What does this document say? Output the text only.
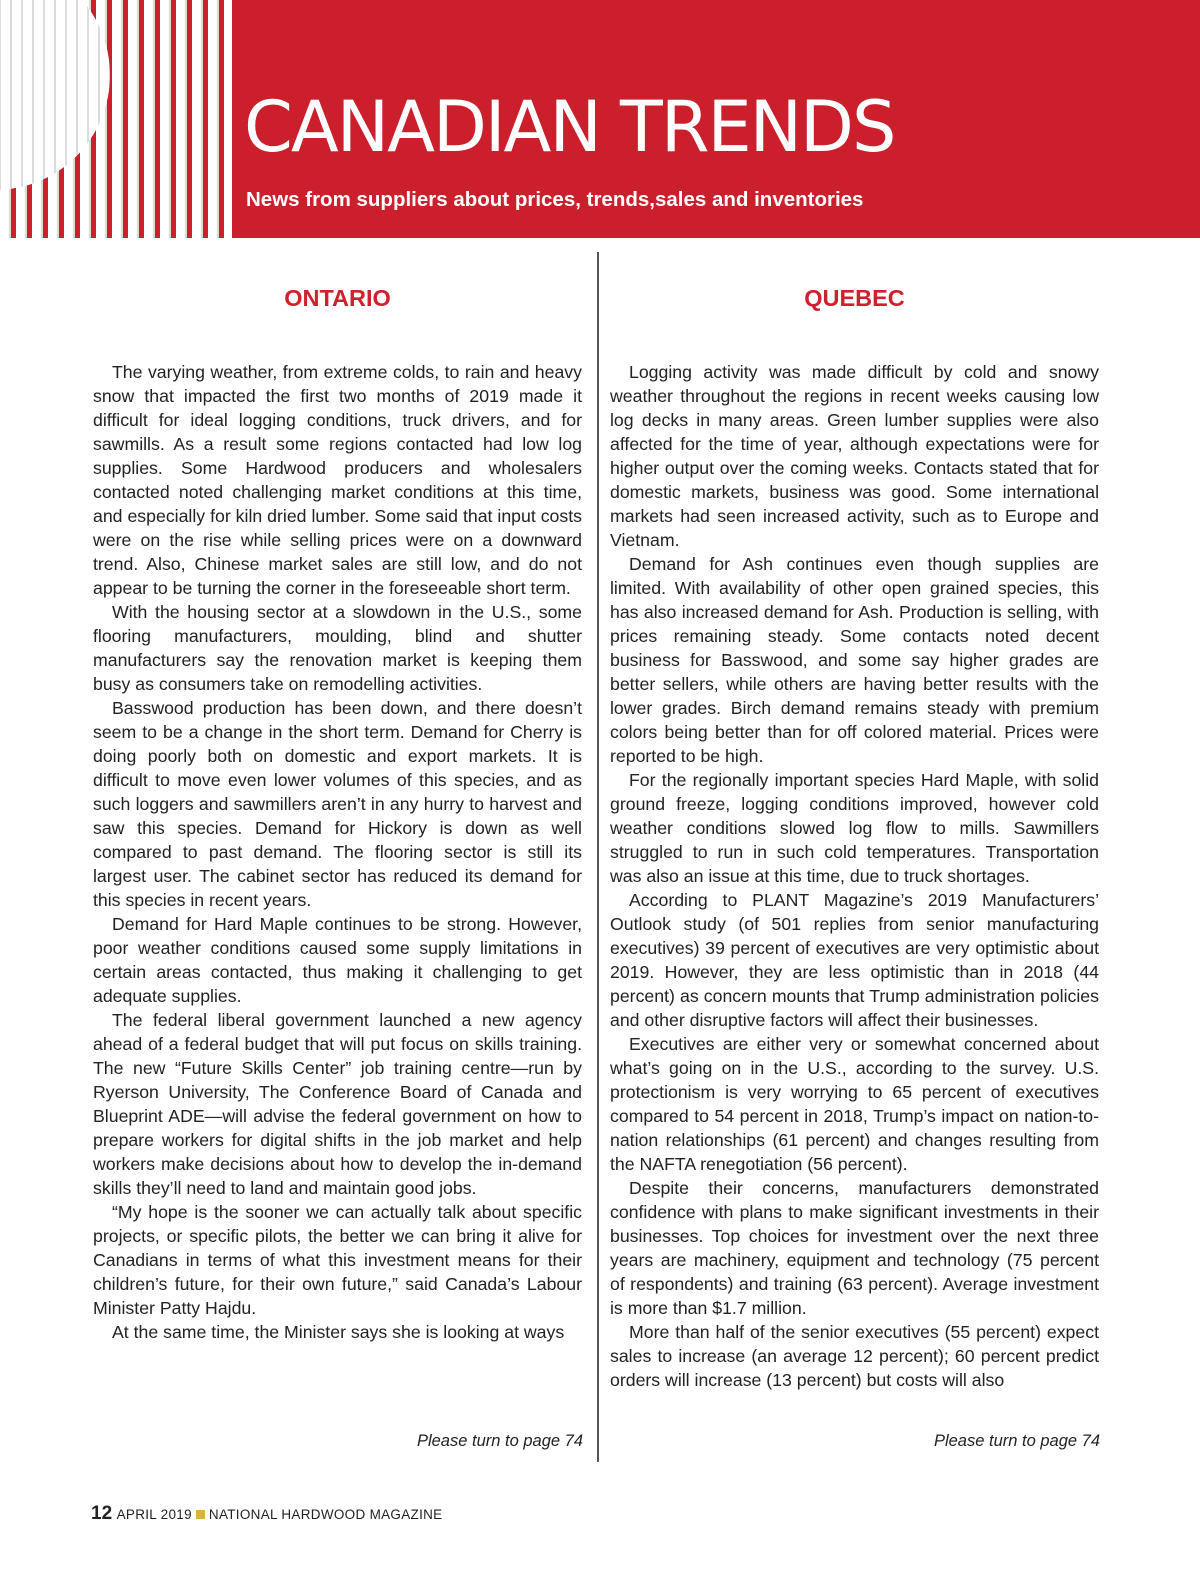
CANADIAN TRENDS
News from suppliers about prices, trends,sales and inventories
ONTARIO

The varying weather, from extreme colds, to rain and heavy snow that impacted the first two months of 2019 made it difficult for ideal logging conditions, truck drivers, and for sawmills. As a result some regions contacted had low log supplies. Some Hardwood producers and wholesalers contacted noted challenging market conditions at this time, and especially for kiln dried lumber. Some said that input costs were on the rise while selling prices were on a downward trend. Also, Chinese market sales are still low, and do not appear to be turning the corner in the foreseeable short term.

With the housing sector at a slowdown in the U.S., some flooring manufacturers, moulding, blind and shutter manufacturers say the renovation market is keeping them busy as consumers take on remodelling activities.

Basswood production has been down, and there doesn’t seem to be a change in the short term. Demand for Cherry is doing poorly both on domestic and export markets. It is difficult to move even lower volumes of this species, and as such loggers and sawmillers aren’t in any hurry to harvest and saw this species. Demand for Hickory is down as well compared to past demand. The flooring sector is still its largest user. The cabinet sector has reduced its demand for this species in recent years.

Demand for Hard Maple continues to be strong. However, poor weather conditions caused some supply limitations in certain areas contacted, thus making it challenging to get adequate supplies.

The federal liberal government launched a new agency ahead of a federal budget that will put focus on skills training. The new “Future Skills Center” job training centre—run by Ryerson University, The Conference Board of Canada and Blueprint ADE—will advise the federal government on how to prepare workers for digital shifts in the job market and help workers make decisions about how to develop the in-demand skills they’ll need to land and maintain good jobs.

“My hope is the sooner we can actually talk about specific projects, or specific pilots, the better we can bring it alive for Canadians in terms of what this investment means for their children’s future, for their own future,” said Canada’s Labour Minister Patty Hajdu.

At the same time, the Minister says she is looking at ways

QUEBEC

Logging activity was made difficult by cold and snowy weather throughout the regions in recent weeks causing low log decks in many areas. Green lumber supplies were also affected for the time of year, although expectations were for higher output over the coming weeks. Contacts stated that for domestic markets, business was good. Some international markets had seen increased activity, such as to Europe and Vietnam.

Demand for Ash continues even though supplies are limited. With availability of other open grained species, this has also increased demand for Ash. Production is selling, with prices remaining steady. Some contacts noted decent business for Basswood, and some say higher grades are better sellers, while others are having better results with the lower grades. Birch demand remains steady with premium colors being better than for off colored material. Prices were reported to be high.

For the regionally important species Hard Maple, with solid ground freeze, logging conditions improved, however cold weather conditions slowed log flow to mills. Sawmillers struggled to run in such cold temperatures. Transportation was also an issue at this time, due to truck shortages.

According to PLANT Magazine’s 2019 Manufacturers’ Outlook study (of 501 replies from senior manufacturing executives) 39 percent of executives are very optimistic about 2019. However, they are less optimistic than in 2018 (44 percent) as concern mounts that Trump administration policies and other disruptive factors will affect their businesses.

Executives are either very or somewhat concerned about what’s going on in the U.S., according to the survey. U.S. protectionism is very worrying to 65 percent of executives compared to 54 percent in 2018, Trump’s impact on nation-to-nation relationships (61 percent) and changes resulting from the NAFTA renegotiation (56 percent).

Despite their concerns, manufacturers demonstrated confidence with plans to make significant investments in their businesses. Top choices for investment over the next three years are machinery, equipment and technology (75 percent of respondents) and training (63 percent). Average investment is more than $1.7 million.

More than half of the senior executives (55 percent) expect sales to increase (an average 12 percent); 60 percent predict orders will increase (13 percent) but costs will also

Please turn to page 74	Please turn to page 74
12 APRIL 2019 NATIONAL HARDWOOD MAGAZINE
